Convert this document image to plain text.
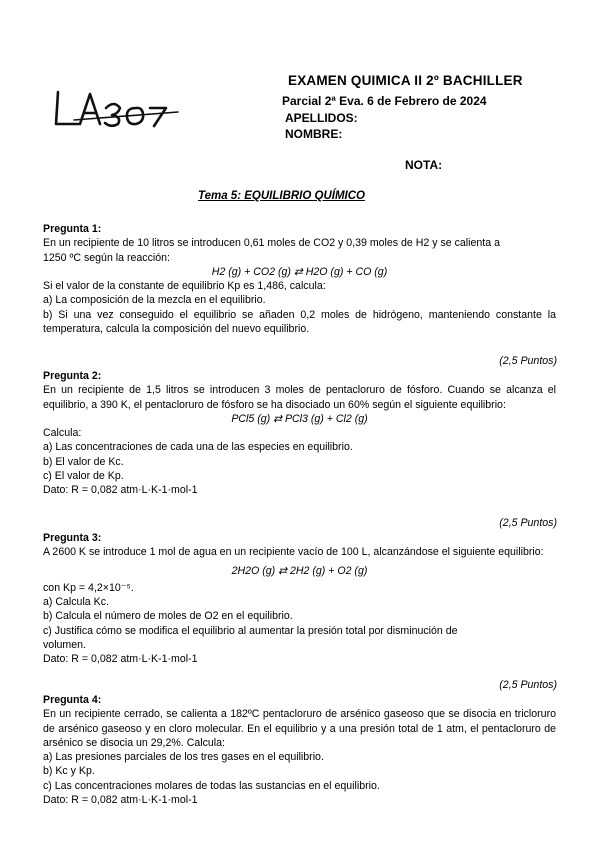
EXAMEN QUIMICA II 2º BACHILLER
Parcial 2ª Eva. 6 de Febrero de 2024
APELLIDOS:
NOMBRE:
NOTA:
Tema 5: EQUILIBRIO QUÍMICO

Pregunta 1:

En un recipiente de 10 litros se introducen 0,61 moles de CO2 y 0,39 moles de H2 y se calienta a

1250 ºC según la reacción:

H2 (g) + CO2 (g) ⇄ H2O (g) + CO (g)

Si el valor de la constante de equilibrio Kp es 1,486, calcula:

a) La composición de la mezcla en el equilibrio.

b) Si una vez conseguido el equilibrio se añaden 0,2 moles de hidrógeno, manteniendo constante la temperatura, calcula la composición del nuevo equilibrio.

(2,5 Puntos)

Pregunta 2:

En un recipiente de 1,5 litros se introducen 3 moles de pentacloruro de fósforo. Cuando se alcanza el equilibrio, a 390 K, el pentacloruro de fósforo se ha disociado un 60% según el siguiente equilibrio:

PCl5 (g) ⇄ PCl3 (g) + Cl2 (g)

Calcula:

a) Las concentraciones de cada una de las especies en equilibrio.

b) El valor de Kc.

c) El valor de Kp.

Dato: R = 0,082 atm·L·K-1·mol-1

(2,5 Puntos)

Pregunta 3:

A 2600 K se introduce 1 mol de agua en un recipiente vacío de 100 L, alcanzándose el siguiente equilibrio:

2H2O (g) ⇄ 2H2 (g) + O2 (g)

con Kp = 4,2×10⁻⁵.

a) Calcula Kc.

b) Calcula el número de moles de O2 en el equilibrio.

c) Justifica cómo se modifica el equilibrio al aumentar la presión total por disminución de

volumen.

Dato: R = 0,082 atm·L·K-1·mol-1

(2,5 Puntos)

Pregunta 4:

En un recipiente cerrado, se calienta a 182ºC pentacloruro de arsénico gaseoso que se disocia en tricloruro de arsénico gaseoso y en cloro molecular. En el equilibrio y a una presión total de 1 atm, el pentacloruro de arsénico se disocia un 29,2%. Calcula:

a) Las presiones parciales de los tres gases en el equilibrio.

b) Kc y Kp.

c) Las concentraciones molares de todas las sustancias en el equilibrio.

Dato: R = 0,082 atm·L·K-1·mol-1
